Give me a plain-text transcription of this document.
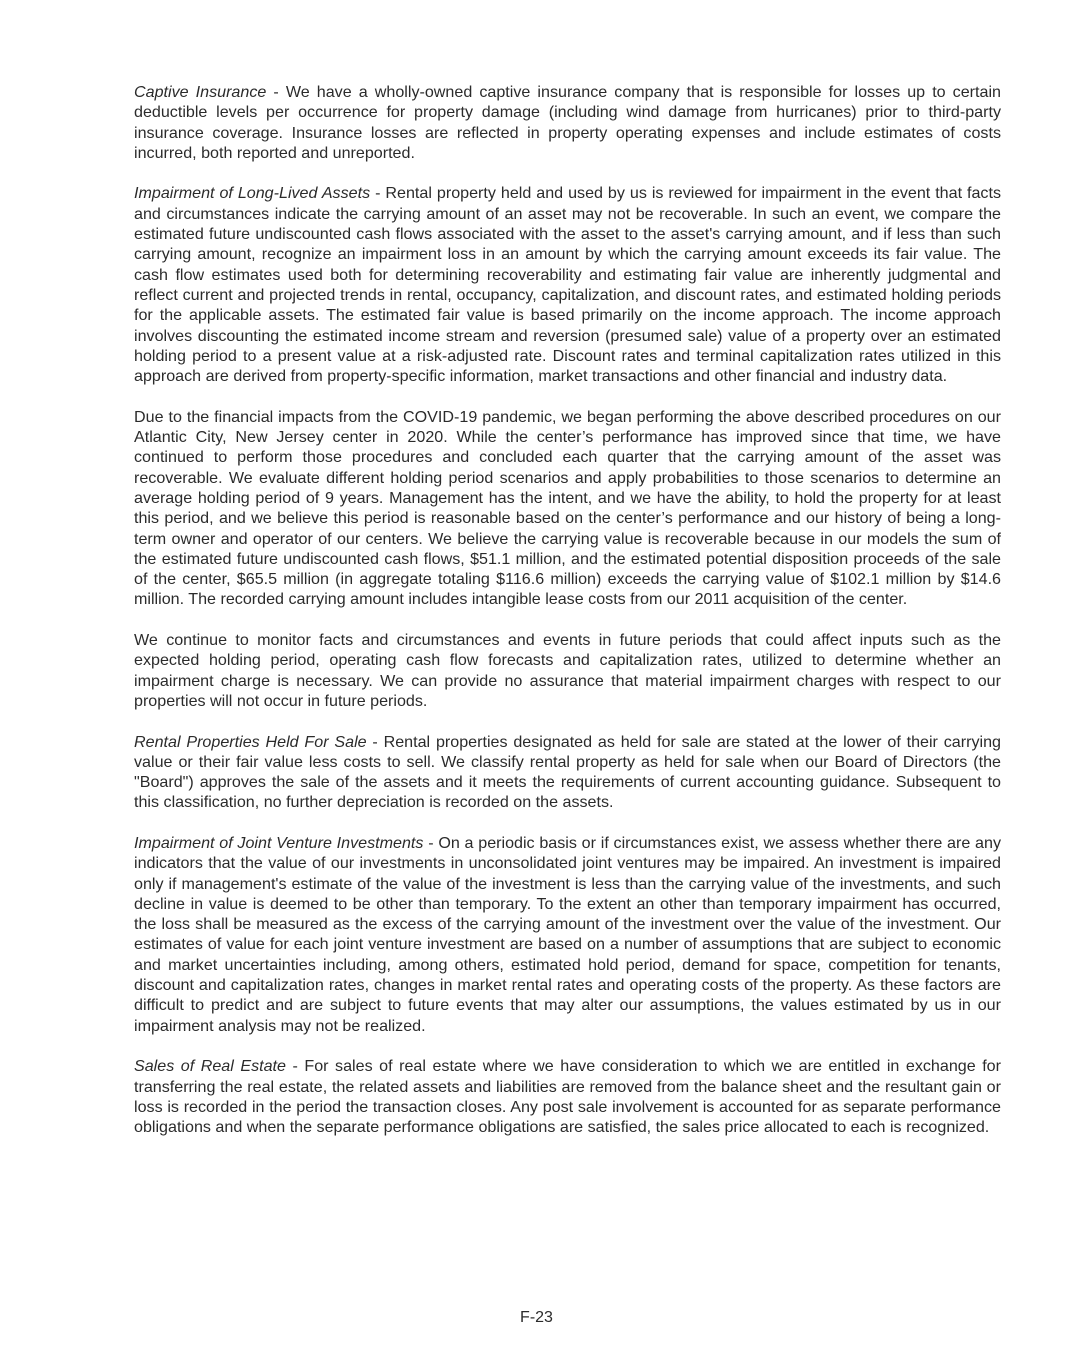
Captive Insurance - We have a wholly-owned captive insurance company that is responsible for losses up to certain deductible levels per occurrence for property damage (including wind damage from hurricanes) prior to third-party insurance coverage. Insurance losses are reflected in property operating expenses and include estimates of costs incurred, both reported and unreported.

Impairment of Long-Lived Assets - Rental property held and used by us is reviewed for impairment in the event that facts and circumstances indicate the carrying amount of an asset may not be recoverable. In such an event, we compare the estimated future undiscounted cash flows associated with the asset to the asset's carrying amount, and if less than such carrying amount, recognize an impairment loss in an amount by which the carrying amount exceeds its fair value. The cash flow estimates used both for determining recoverability and estimating fair value are inherently judgmental and reflect current and projected trends in rental, occupancy, capitalization, and discount rates, and estimated holding periods for the applicable assets. The estimated fair value is based primarily on the income approach. The income approach involves discounting the estimated income stream and reversion (presumed sale) value of a property over an estimated holding period to a present value at a risk-adjusted rate. Discount rates and terminal capitalization rates utilized in this approach are derived from property-specific information, market transactions and other financial and industry data.

Due to the financial impacts from the COVID-19 pandemic, we began performing the above described procedures on our Atlantic City, New Jersey center in 2020. While the center’s performance has improved since that time, we have continued to perform those procedures and concluded each quarter that the carrying amount of the asset was recoverable. We evaluate different holding period scenarios and apply probabilities to those scenarios to determine an average holding period of 9 years. Management has the intent, and we have the ability, to hold the property for at least this period, and we believe this period is reasonable based on the center’s performance and our history of being a long-term owner and operator of our centers. We believe the carrying value is recoverable because in our models the sum of the estimated future undiscounted cash flows, $51.1 million, and the estimated potential disposition proceeds of the sale of the center, $65.5 million (in aggregate totaling $116.6 million) exceeds the carrying value of $102.1 million by $14.6 million. The recorded carrying amount includes intangible lease costs from our 2011 acquisition of the center.

We continue to monitor facts and circumstances and events in future periods that could affect inputs such as the expected holding period, operating cash flow forecasts and capitalization rates, utilized to determine whether an impairment charge is necessary. We can provide no assurance that material impairment charges with respect to our properties will not occur in future periods.

Rental Properties Held For Sale - Rental properties designated as held for sale are stated at the lower of their carrying value or their fair value less costs to sell. We classify rental property as held for sale when our Board of Directors (the "Board") approves the sale of the assets and it meets the requirements of current accounting guidance. Subsequent to this classification, no further depreciation is recorded on the assets.

Impairment of Joint Venture Investments - On a periodic basis or if circumstances exist, we assess whether there are any indicators that the value of our investments in unconsolidated joint ventures may be impaired. An investment is impaired only if management's estimate of the value of the investment is less than the carrying value of the investments, and such decline in value is deemed to be other than temporary. To the extent an other than temporary impairment has occurred, the loss shall be measured as the excess of the carrying amount of the investment over the value of the investment. Our estimates of value for each joint venture investment are based on a number of assumptions that are subject to economic and market uncertainties including, among others, estimated hold period, demand for space, competition for tenants, discount and capitalization rates, changes in market rental rates and operating costs of the property. As these factors are difficult to predict and are subject to future events that may alter our assumptions, the values estimated by us in our impairment analysis may not be realized.

Sales of Real Estate - For sales of real estate where we have consideration to which we are entitled in exchange for transferring the real estate, the related assets and liabilities are removed from the balance sheet and the resultant gain or loss is recorded in the period the transaction closes. Any post sale involvement is accounted for as separate performance obligations and when the separate performance obligations are satisfied, the sales price allocated to each is recognized.

F-23
